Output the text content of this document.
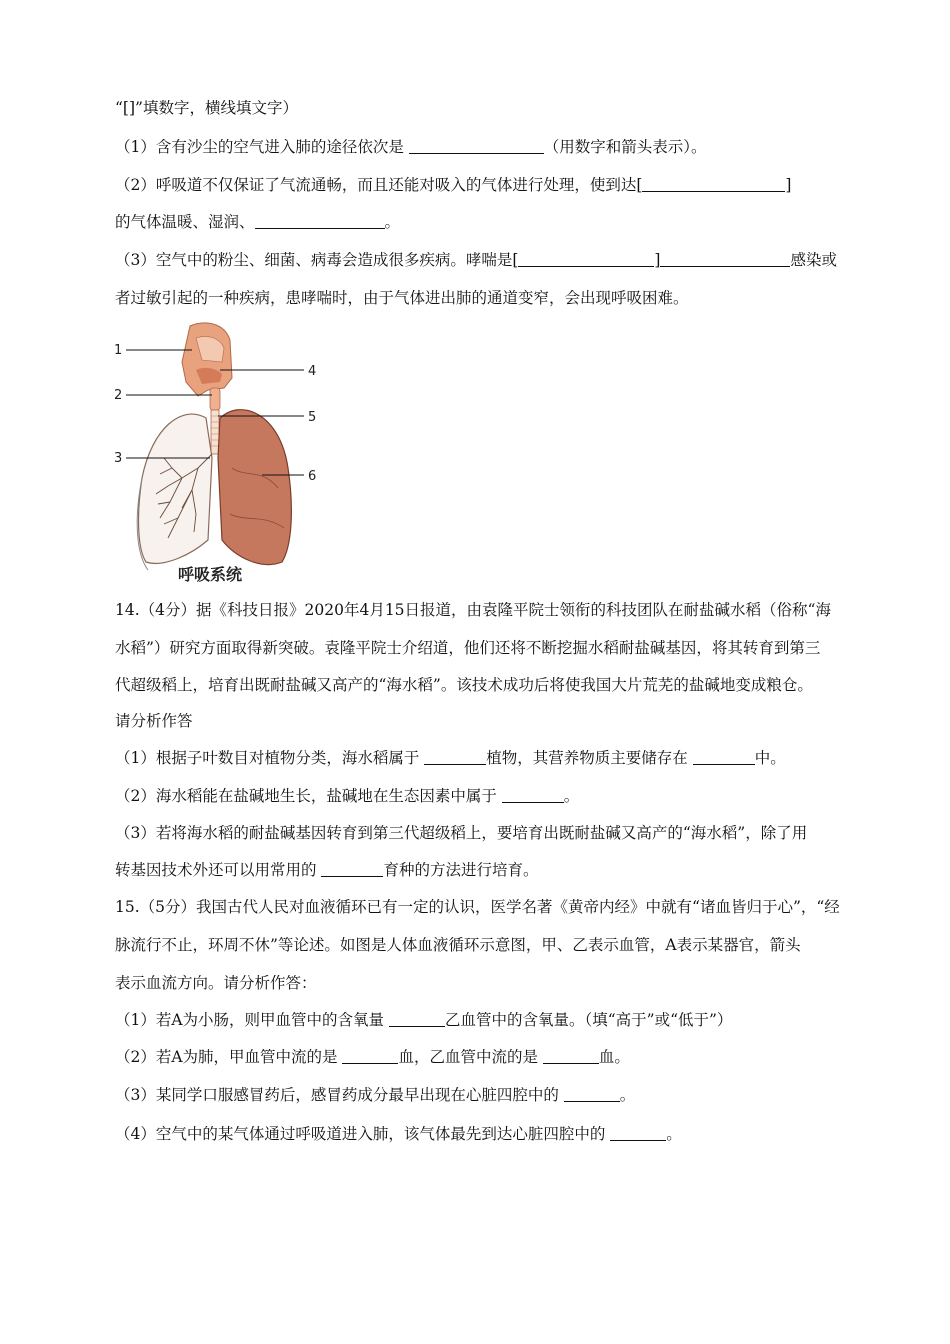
“[]”填数字，横线填文字）
（1）含有沙尘的空气进入肺的途径依次是	（用数字和箭头表示）。
（2）呼吸道不仅保证了气流通畅，而且还能对吸入的气体进行处理，使到达[	]
的气体温暖、湿润、	。
（3）空气中的粉尘、细菌、病毒会造成很多疾病。哮喘是[	]	感染或
者过敏引起的一种疾病，患哮喘时，由于气体进出肺的通道变窄，会出现呼吸困难。
1
2
3
4
5
6
呼吸系统
14.（4分）据《科技日报》2020年4月15日报道，由袁隆平院士领衔的科技团队在耐盐碱水稻（俗称“海
水稻”）研究方面取得新突破。袁隆平院士介绍道，他们还将不断挖掘水稻耐盐碱基因，将其转育到第三
代超级稻上，培育出既耐盐碱又高产的“海水稻”。该技术成功后将使我国大片荒芜的盐碱地变成粮仓。
请分析作答
（1）根据子叶数目对植物分类，海水稻属于	植物，其营养物质主要储存在	中。
（2）海水稻能在盐碱地生长，盐碱地在生态因素中属于	。
（3）若将海水稻的耐盐碱基因转育到第三代超级稻上，要培育出既耐盐碱又高产的“海水稻”，除了用
转基因技术外还可以用常用的	育种的方法进行培育。
15.（5分）我国古代人民对血液循环已有一定的认识，医学名著《黄帝内经》中就有“诸血皆归于心”，“经
脉流行不止，环周不休”等论述。如图是人体血液循环示意图，甲、乙表示血管，A表示某器官，箭头
表示血流方向。请分析作答：
（1）若A为小肠，则甲血管中的含氧量	乙血管中的含氧量。（填“高于”或“低于”）
（2）若A为肺，甲血管中流的是	血，乙血管中流的是	血。
（3）某同学口服感冒药后，感冒药成分最早出现在心脏四腔中的	。
（4）空气中的某气体通过呼吸道进入肺，该气体最先到达心脏四腔中的	。
